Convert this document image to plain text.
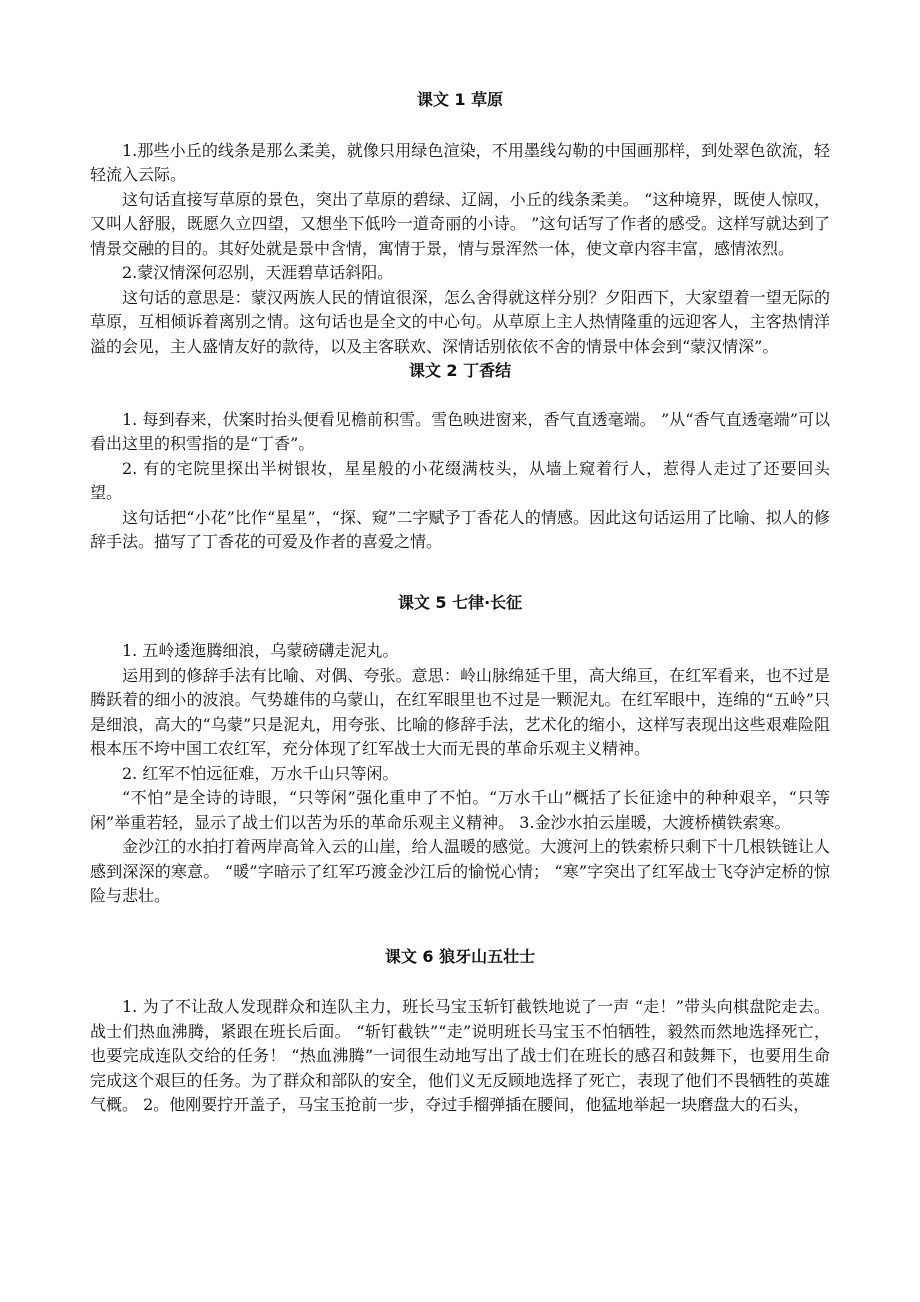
课文 1 草原

1.那些小丘的线条是那么柔美，就像只用绿色渲染，不用墨线勾勒的中国画那样，到处翠色欲流，轻轻流入云际。

这句话直接写草原的景色，突出了草原的碧绿、辽阔，小丘的线条柔美。 “这种境界，既使人惊叹，又叫人舒服，既愿久立四望，又想坐下低吟一道奇丽的小诗。 ”这句话写了作者的感受。这样写就达到了情景交融的目的。其好处就是景中含情，寓情于景，情与景浑然一体，使文章内容丰富，感情浓烈。

2.蒙汉情深何忍别，天涯碧草话斜阳。

这句话的意思是：蒙汉两族人民的情谊很深，怎么舍得就这样分别？夕阳西下，大家望着一望无际的草原，互相倾诉着离别之情。这句话也是全文的中心句。从草原上主人热情隆重的远迎客人，主客热情洋溢的会见，主人盛情友好的款待，以及主客联欢、深情话别依依不舍的情景中体会到“蒙汉情深”。

课文 2 丁香结

1. 每到春来，伏案时抬头便看见檐前积雪。雪色映进窗来，香气直透毫端。 ”从“香气直透毫端”可以看出这里的积雪指的是“丁香”。

2. 有的宅院里探出半树银妆，星星般的小花缀满枝头，从墙上窥着行人，惹得人走过了还要回头望。

这句话把“小花”比作“星星”，“探、窥”二字赋予丁香花人的情感。因此这句话运用了比喻、拟人的修辞手法。描写了丁香花的可爱及作者的喜爱之情。

课文 5 七律·长征

1. 五岭逶迤腾细浪，乌蒙磅礴走泥丸。

运用到的修辞手法有比喻、对偶、夸张。意思：岭山脉绵延千里，高大绵亘，在红军看来，也不过是腾跃着的细小的波浪。气势雄伟的乌蒙山，在红军眼里也不过是一颗泥丸。在红军眼中，连绵的“五岭”只是细浪，高大的“乌蒙”只是泥丸，用夸张、比喻的修辞手法，艺术化的缩小，这样写表现出这些艰难险阻根本压不垮中国工农红军，充分体现了红军战士大而无畏的革命乐观主义精神。

2. 红军不怕远征难，万水千山只等闲。

“不怕”是全诗的诗眼，“只等闲”强化重申了不怕。“万水千山”概括了长征途中的种种艰辛，“只等闲”举重若轻，显示了战士们以苦为乐的革命乐观主义精神。 3.金沙水拍云崖暖，大渡桥横铁索寒。

金沙江的水拍打着两岸高耸入云的山崖，给人温暖的感觉。大渡河上的铁索桥只剩下十几根铁链让人感到深深的寒意。 “暖”字暗示了红军巧渡金沙江后的愉悦心情； “寒”字突出了红军战士飞夺泸定桥的惊险与悲壮。

课文 6 狼牙山五壮士

1. 为了不让敌人发现群众和连队主力，班长马宝玉斩钉截铁地说了一声 “走！”带头向棋盘陀走去。战士们热血沸腾，紧跟在班长后面。 “斩钉截铁”“走”说明班长马宝玉不怕牺牲，毅然而然地选择死亡，也要完成连队交给的任务！ “热血沸腾”一词很生动地写出了战士们在班长的感召和鼓舞下，也要用生命完成这个艰巨的任务。为了群众和部队的安全，他们义无反顾地选择了死亡，表现了他们不畏牺牲的英雄气概。 2。他刚要拧开盖子，马宝玉抢前一步，夺过手榴弹插在腰间，他猛地举起一块磨盘大的石头，
